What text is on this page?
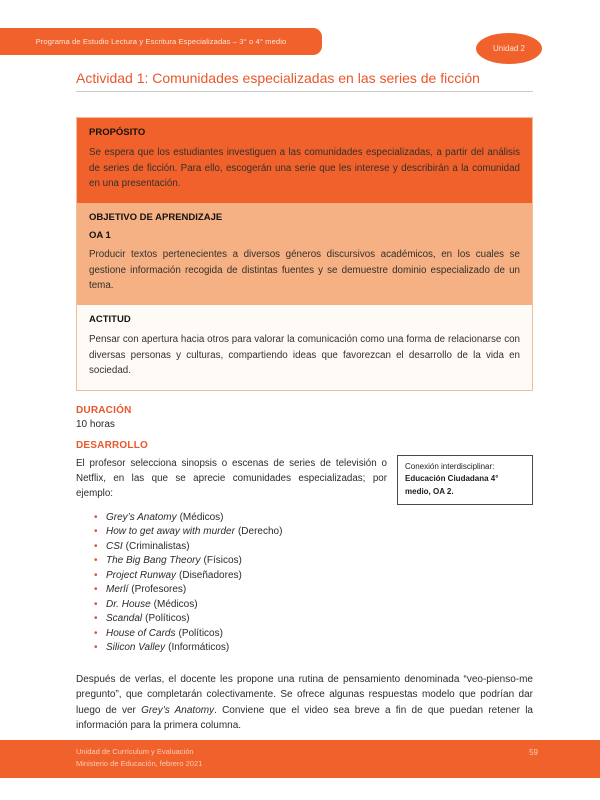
Programa de Estudio Lectura y Escritura Especializadas – 3° o 4° medio
Unidad 2
Actividad 1: Comunidades especializadas en las series de ficción
PROPÓSITO
Se espera que los estudiantes investiguen a las comunidades especializadas, a partir del análisis de series de ficción. Para ello, escogerán una serie que les interese y describirán a la comunidad en una presentación.
OBJETIVO DE APRENDIZAJE
OA 1
Producir textos pertenecientes a diversos géneros discursivos académicos, en los cuales se gestione información recogida de distintas fuentes y se demuestre dominio especializado de un tema.
ACTITUD
Pensar con apertura hacia otros para valorar la comunicación como una forma de relacionarse con diversas personas y culturas, compartiendo ideas que favorezcan el desarrollo de la vida en sociedad.
DURACIÓN
10 horas
DESARROLLO
Conexión interdisciplinar:
Educación Ciudadana 4° medio, OA 2.

El profesor selecciona sinopsis o escenas de series de televisión o Netflix, en las que se aprecie comunidades especializadas; por ejemplo:

• Grey’s Anatomy (Médicos)
• How to get away with murder (Derecho)
• CSI (Criminalistas)
• The Big Bang Theory (Físicos)
• Project Runway (Diseñadores)
• Merlí (Profesores)
• Dr. House (Médicos)
• Scandal (Políticos)
• House of Cards (Políticos)
• Silicon Valley (Informáticos)

Después de verlas, el docente les propone una rutina de pensamiento denominada “veo-pienso-me pregunto”, que completarán colectivamente. Se ofrece algunas respuestas modelo que podrían dar luego de ver Grey’s Anatomy. Conviene que el video sea breve a fin de que puedan retener la información para la primera columna.

Unidad de Currículum y Evaluación
Ministerio de Educación, febrero 2021
59
